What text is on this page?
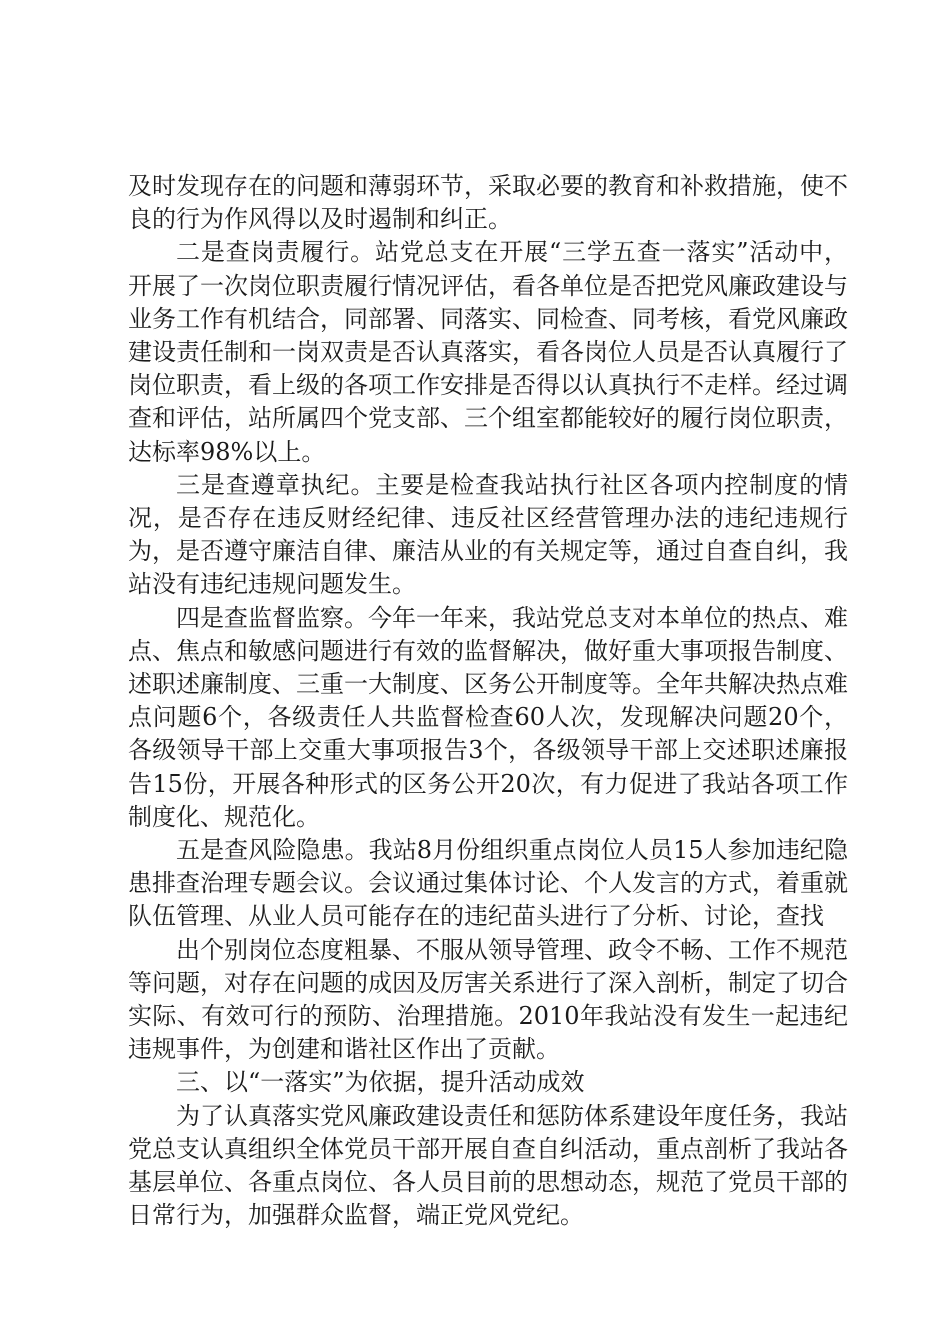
及时发现存在的问题和薄弱环节，采取必要的教育和补救措施，使不良的行为作风得以及时遏制和纠正。

二是查岗责履行。站党总支在开展“三学五查一落实”活动中，开展了一次岗位职责履行情况评估，看各单位是否把党风廉政建设与业务工作有机结合，同部署、同落实、同检查、同考核，看党风廉政建设责任制和一岗双责是否认真落实，看各岗位人员是否认真履行了岗位职责，看上级的各项工作安排是否得以认真执行不走样。经过调查和评估，站所属四个党支部、三个组室都能较好的履行岗位职责，达标率98%以上。

三是查遵章执纪。主要是检查我站执行社区各项内控制度的情况，是否存在违反财经纪律、违反社区经营管理办法的违纪违规行为，是否遵守廉洁自律、廉洁从业的有关规定等，通过自查自纠，我站没有违纪违规问题发生。

四是查监督监察。今年一年来，我站党总支对本单位的热点、难点、焦点和敏感问题进行有效的监督解决，做好重大事项报告制度、述职述廉制度、三重一大制度、区务公开制度等。全年共解决热点难点问题6个，各级责任人共监督检查60人次，发现解决问题20个，各级领导干部上交重大事项报告3个，各级领导干部上交述职述廉报告15份，开展各种形式的区务公开20次，有力促进了我站各项工作制度化、规范化。

五是查风险隐患。我站8月份组织重点岗位人员15人参加违纪隐患排查治理专题会议。会议通过集体讨论、个人发言的方式，着重就队伍管理、从业人员可能存在的违纪苗头进行了分析、讨论，查找

出个别岗位态度粗暴、不服从领导管理、政令不畅、工作不规范等问题，对存在问题的成因及厉害关系进行了深入剖析，制定了切合实际、有效可行的预防、治理措施。2010年我站没有发生一起违纪违规事件，为创建和谐社区作出了贡献。

三、以“一落实”为依据，提升活动成效

为了认真落实党风廉政建设责任和惩防体系建设年度任务，我站党总支认真组织全体党员干部开展自查自纠活动，重点剖析了我站各基层单位、各重点岗位、各人员目前的思想动态，规范了党员干部的日常行为，加强群众监督，端正党风党纪。
